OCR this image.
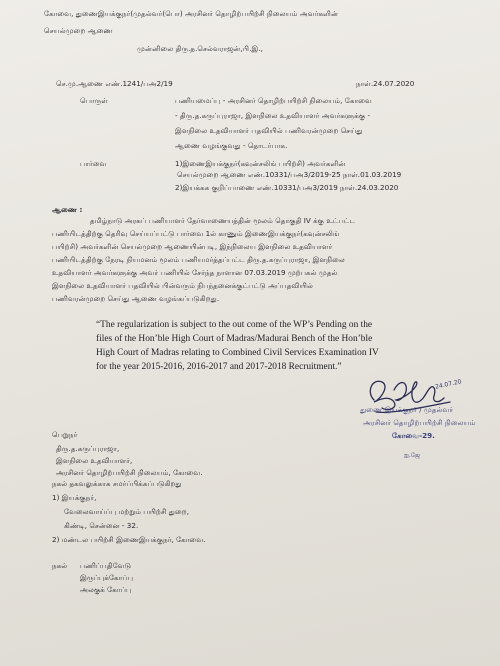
கோவை, துணைஇயக்குநர்(முதல்வர்(பொ) அரசினர் தொழிற்பயிற்சி நிலையம் அவர்களின்
செயல்முறை ஆணை
முன்னிலை திரு.த.செல்வராஜன்,பி.இ.,
செ.மு.ஆணை எண்.1241/பஅ2/19	நாள்.24.07.2020
பொருள்	பணியமைப்பு - அரசினர் தொழிற்பயிற்சி நிலையம், கோவை
- திரு.த.கருப்புராஜா, இளநிலை உதவியாளர் அவர்களுக்கு -
இளநிலை உதவியாளர் பதவியில் பணிவரன்முறை செய்து
ஆணை வழங்குவது - தொடர்பாக.
பார்வை	1)இணைஇயக்குநர்(கவுன்சலிங் பயிற்சி) அவர்களின்
செயல்முறை ஆணை எண்.10331/பஅ3/2019-25 நாள்.01.03.2019
2)இயக்கக குறிப்பாணை எண்.10331/பஅ3/2019 நாள்.24.03.2020
ஆணை :
தமிழ்நாடு அரசுப் பணியாளர் தேர்வாணையத்தின் மூலம் தொகுதி IV க்கு உட்பட்ட
பணியிடத்திற்கு தெரிவு செய்யப்பட்டு பார்வை 1ல் காணும் இணைஇயக்குநர்(கவுன்சலிங்
பயிற்சி) அவர்களின் செயல்முறை ஆணையின்படி, இந்நிலைய இளநிலை உதவியாளர்
பணியிடத்திற்கு நேரடி நியமனம் மூலம் பணியமர்த்தப்பட்ட திரு.த.கருப்புராஜா, இளநிலை
உதவியாளர் அவர்களுக்கு அவர் பணியில் சேர்ந்த நாளான 07.03.2019 முற்பகல் முதல்
இளநிலை உதவியாளர் பதவியில் பின்வரும் நிபந்தனைக்குட்பட்டு அப்பதவியில்
பணிவரன்முறை செய்து ஆணை வழங்கப்படுகிறது.
“The regularization is subject to the out come of the WP’s Pending on the
files of the Hon’ble High Court of Madras/Madurai Bench of the Hon’ble
High Court of Madras relating to Combined Civil Services Examination IV
for the year 2015-2016, 2016-2017 and 2017-2018 Recruitment.”
24.07.20
துணை இயக்குநர் / முதல்வர்
அரசினர் தொழிற்பயிற்சி நிலையம்
கோவை-29.
ஐ.ஜே
பெறுநர்
திரு.த.கருப்புராஜா,
இளநிலை உதவியாளர்,
அரசினர் தொழிற்பயிற்சி நிலையம், கோவை.
நகல் தகவலுக்காக சமர்ப்பிக்கப்படுகிறது
1) இயக்குநர்,
வேலைவாய்ப்பு மற்றும் பயிற்சி துறை,
கிண்டி, சென்னை - 32.
2) மண்டல பயிற்சி இணைஇயக்குநர், கோவை.
நகல் பணிப்பதிவேடு
இருப்புக்கோப்பு
அலகுக் கோப்பு
